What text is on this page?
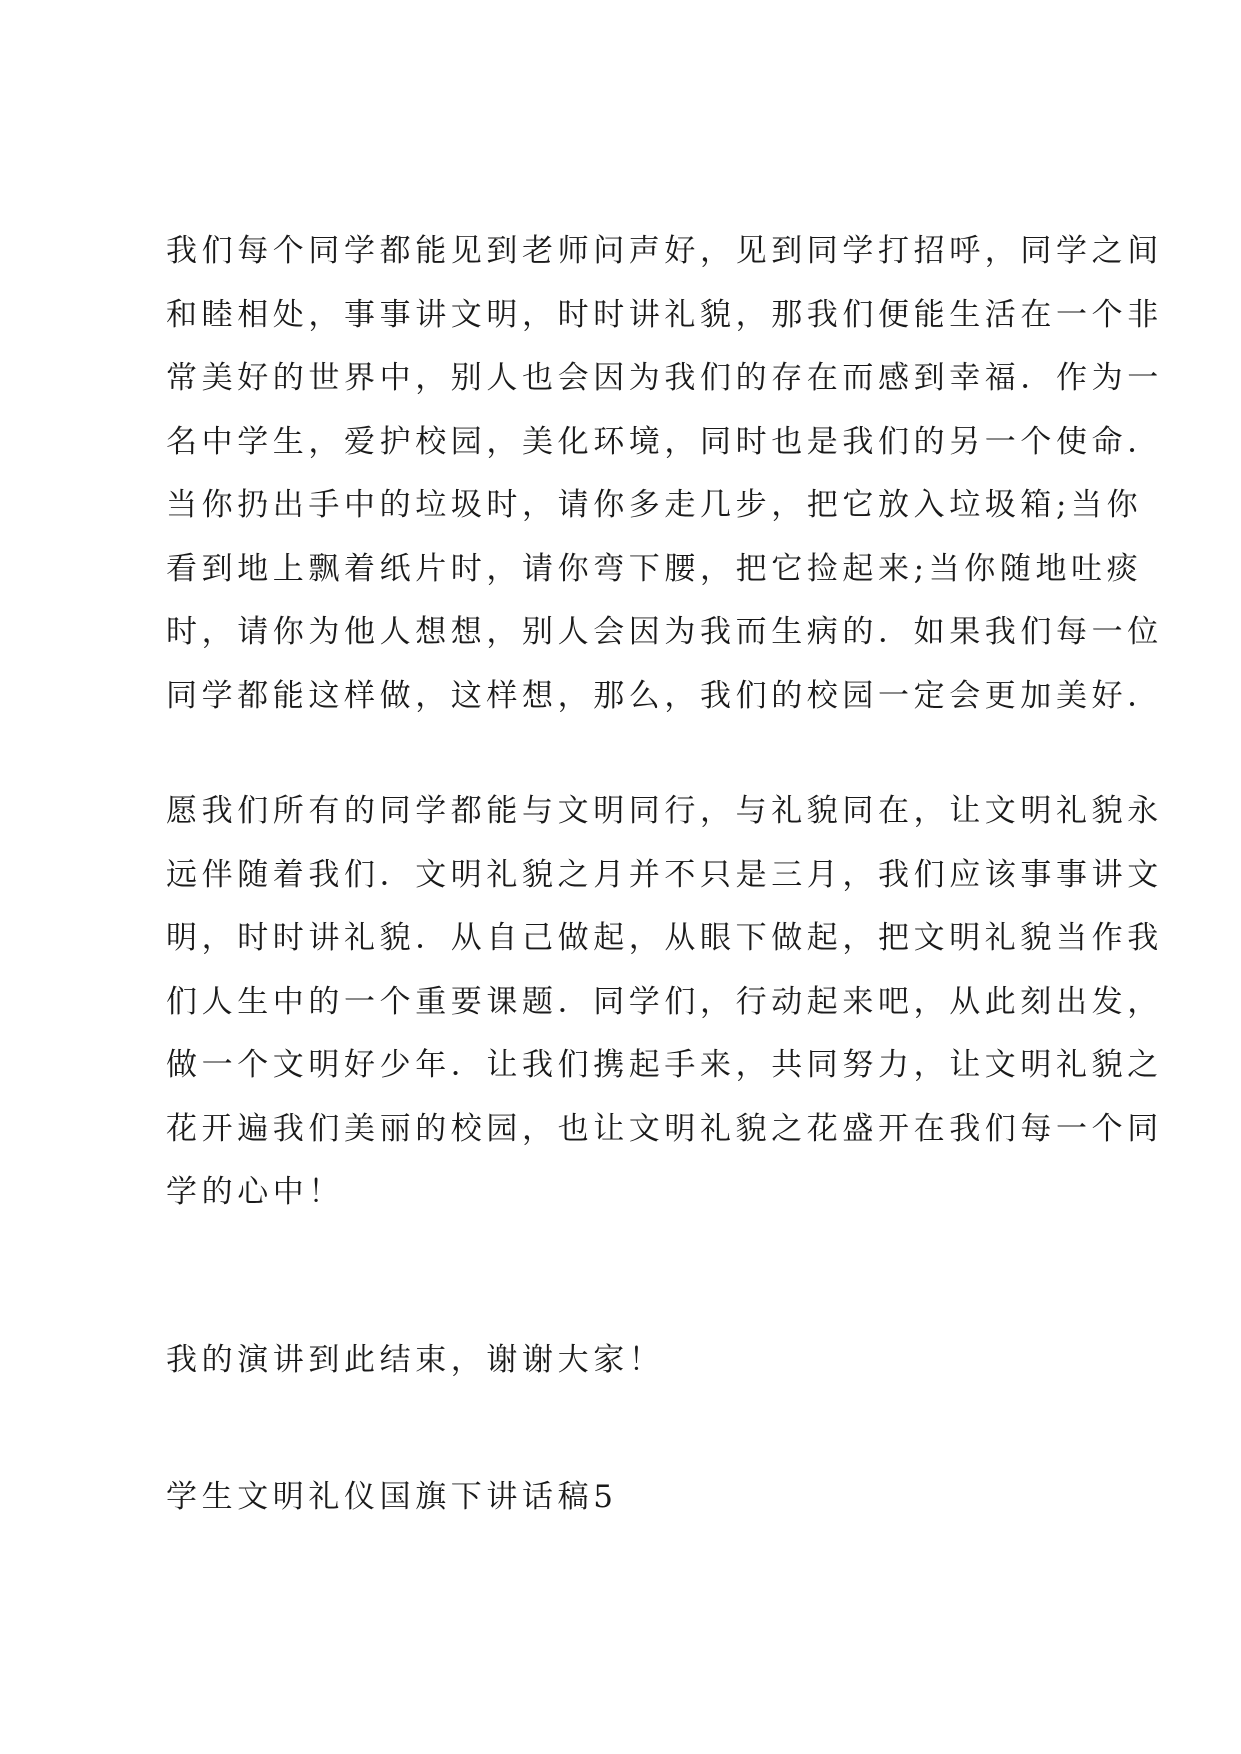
我们每个同学都能见到老师问声好，见到同学打招呼，同学之间
和睦相处，事事讲文明，时时讲礼貌，那我们便能生活在一个非
常美好的世界中，别人也会因为我们的存在而感到幸福．作为一
名中学生，爱护校园，美化环境，同时也是我们的另一个使命．
当你扔出手中的垃圾时，请你多走几步，把它放入垃圾箱;当你
看到地上飘着纸片时，请你弯下腰，把它捡起来;当你随地吐痰
时，请你为他人想想，别人会因为我而生病的．如果我们每一位
同学都能这样做，这样想，那么，我们的校园一定会更加美好．

愿我们所有的同学都能与文明同行，与礼貌同在，让文明礼貌永
远伴随着我们．文明礼貌之月并不只是三月，我们应该事事讲文
明，时时讲礼貌．从自己做起，从眼下做起，把文明礼貌当作我
们人生中的一个重要课题．同学们，行动起来吧，从此刻出发，
做一个文明好少年．让我们携起手来，共同努力，让文明礼貌之
花开遍我们美丽的校园，也让文明礼貌之花盛开在我们每一个同
学的心中！

我的演讲到此结束，谢谢大家！

学生文明礼仪国旗下讲话稿5
